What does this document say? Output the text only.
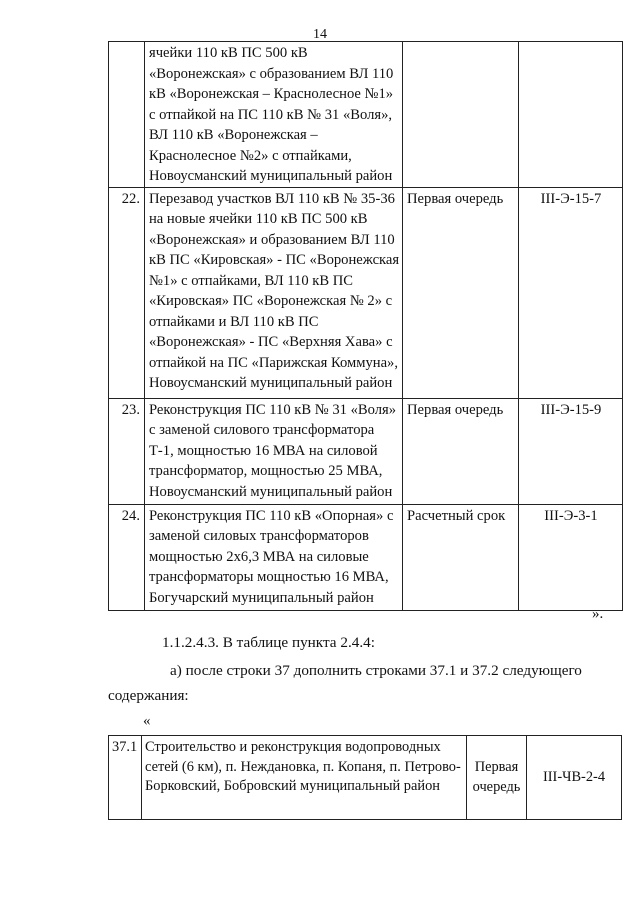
14
	ячейки 110 кВ ПС 500 кВ «Воронежская» с образованием ВЛ 110 кВ «Воронежская – Краснолесное №1» с отпайкой на ПС 110 кВ № 31 «Воля», ВЛ 110 кВ «Воронежская – Краснолесное №2» с отпайками, Новоусманский муниципальный район		
22.	Перезавод участков ВЛ 110 кВ № 35-36 на новые ячейки 110 кВ ПС 500 кВ «Воронежская» и образованием ВЛ 110 кВ ПС «Кировская» - ПС «Воронежская №1» с отпайками, ВЛ 110 кВ ПС «Кировская» ПС «Воронежская № 2» с отпайками и ВЛ 110 кВ ПС «Воронежская» - ПС «Верхняя Хава» с отпайкой на ПС «Парижская Коммуна», Новоусманский муниципальный район	Первая очередь	III-Э-15-7
23.	Реконструкция ПС 110 кВ № 31 «Воля» с заменой силового трансформатора Т-1, мощностью 16 МВА на силовой трансформатор, мощностью 25 МВА, Новоусманский муниципальный район	Первая очередь	III-Э-15-9
24.	Реконструкция ПС 110 кВ «Опорная» с заменой силовых трансформаторов мощностью 2х6,3 МВА на силовые трансформаторы мощностью 16 МВА, Богучарский муниципальный район	Расчетный срок	III-Э-3-1
».
1.1.2.4.3. В таблице пункта 2.4.4:
а) после строки 37 дополнить строками 37.1 и 37.2 следующего
содержания:
«
37.1	Строительство и реконструкция водопроводных сетей (6 км), п. Неждановка, п. Копаня, п. Петрово-Борковский, Бобровский муниципальный район	Первая очередь	III-ЧВ-2-4
